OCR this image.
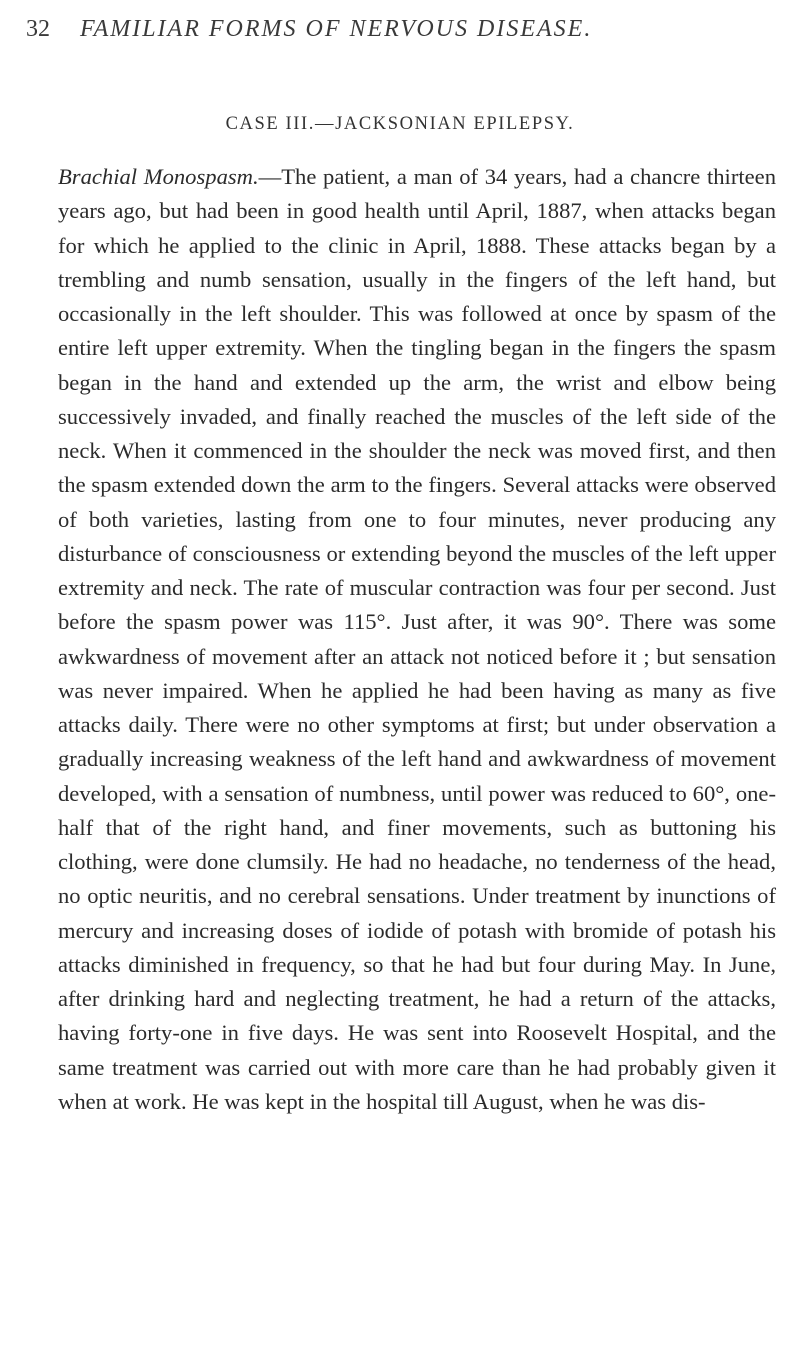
32	FAMILIAR FORMS OF NERVOUS DISEASE.
CASE III.—JACKSONIAN EPILEPSY.

Brachial Monospasm.—The patient, a man of 34 years, had a chancre thirteen years ago, but had been in good health until April, 1887, when attacks began for which he applied to the clinic in April, 1888. These attacks began by a trembling and numb sensation, usually in the fingers of the left hand, but occasionally in the left shoulder. This was followed at once by spasm of the entire left upper extremity. When the tingling began in the fingers the spasm began in the hand and extended up the arm, the wrist and elbow being successively invaded, and finally reached the muscles of the left side of the neck. When it commenced in the shoulder the neck was moved first, and then the spasm extended down the arm to the fingers. Several attacks were observed of both varieties, lasting from one to four minutes, never producing any disturbance of consciousness or extending beyond the muscles of the left upper extremity and neck. The rate of muscular contraction was four per second. Just before the spasm power was 115°. Just after, it was 90°. There was some awkwardness of movement after an attack not noticed before it ; but sensation was never impaired. When he applied he had been having as many as five attacks daily. There were no other symptoms at first; but under observation a gradually increasing weakness of the left hand and awkwardness of movement developed, with a sensation of numbness, until power was reduced to 60°, one-half that of the right hand, and finer movements, such as buttoning his clothing, were done clumsily. He had no headache, no tenderness of the head, no optic neuritis, and no cerebral sensations. Under treatment by inunctions of mercury and increasing doses of iodide of potash with bromide of potash his attacks diminished in frequency, so that he had but four during May. In June, after drinking hard and neglecting treatment, he had a return of the attacks, having forty-one in five days. He was sent into Roosevelt Hospital, and the same treatment was carried out with more care than he had probably given it when at work. He was kept in the hospital till August, when he was dis-
